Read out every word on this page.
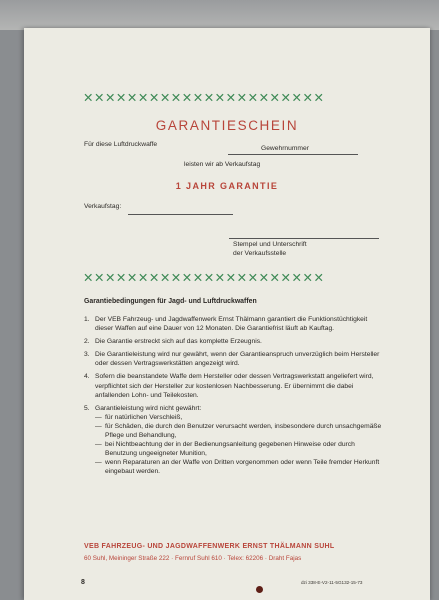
✕✕✕✕✕✕✕✕✕✕✕✕✕✕✕✕✕✕✕✕✕✕
GARANTIESCHEIN
Für diese Luftdruckwaffe
Gewehrnummer
leisten wir ab Verkaufstag
1 JAHR GARANTIE
Verkaufstag:
Stempel und Unterschrift
der Verkaufsstelle
✕✕✕✕✕✕✕✕✕✕✕✕✕✕✕✕✕✕✕✕✕✕
Garantiebedingungen für Jagd- und Luftdruckwaffen
1. Der VEB Fahrzeug- und Jagdwaffenwerk Ernst Thälmann garantiert die Funktionstüchtigkeit dieser Waffen auf eine Dauer von 12 Monaten. Die Garantiefrist läuft ab Kauftag.
2. Die Garantie erstreckt sich auf das komplette Erzeugnis.
3. Die Garantieleistung wird nur gewährt, wenn der Garantieanspruch unverzüglich beim Hersteller oder dessen Vertragswerkstätten angezeigt wird.
4. Sofern die beanstandete Waffe dem Hersteller oder dessen Vertragswerkstatt angeliefert wird, verpflichtet sich der Hersteller zur kostenlosen Nachbesserung. Er übernimmt die dabei anfallenden Lohn- und Teilekosten.
5. Garantieleistung wird nicht gewährt:
— für natürlichen Verschleiß,
— für Schäden, die durch den Benutzer verursacht werden, insbesondere durch unsachgemäße Pflege und Behandlung,
— bei Nichtbeachtung der in der Bedienungsanleitung gegebenen Hinweise oder durch Benutzung ungeeigneter Munition,
— wenn Reparaturen an der Waffe von Dritten vorgenommen oder wenn Teile fremder Herkunft eingebaut werden.
VEB FAHRZEUG- UND JAGDWAFFENWERK ERNST THÄLMANN SUHL
60 Suhl, Meininger Straße 222 · Fernruf Suhl 610 · Telex: 62206 · Draht Fajas
8	dzi 338-E-V2-11-5G132-15-73
